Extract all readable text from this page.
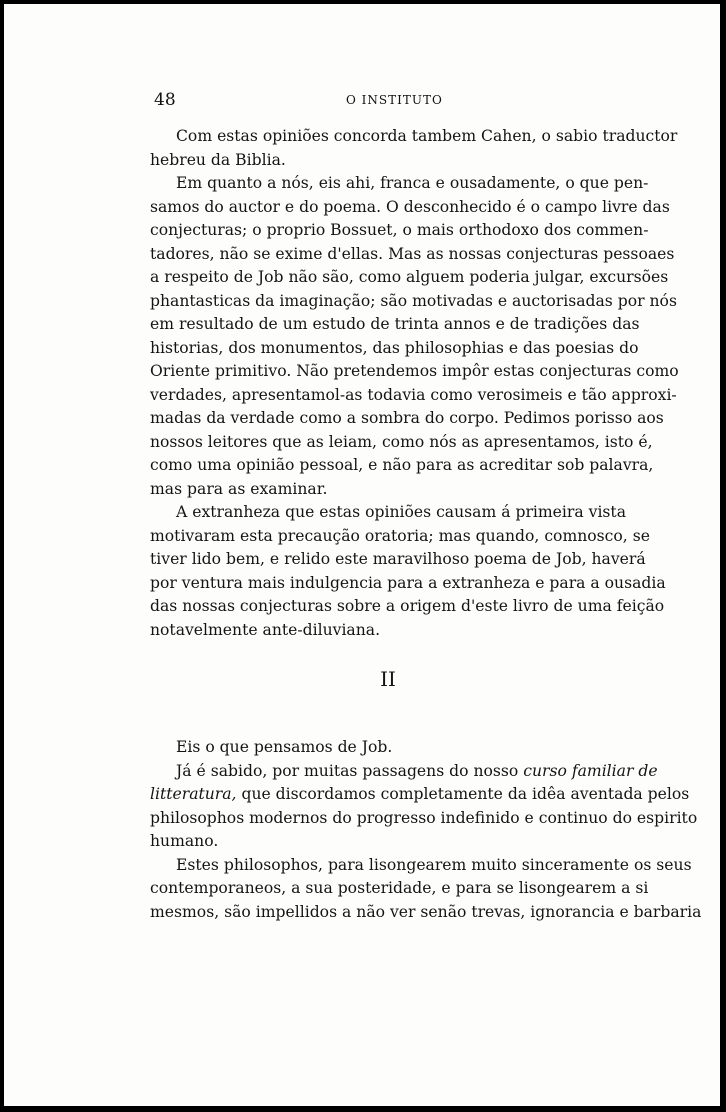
48	O INSTITUTO
Com estas opiniões concorda tambem Cahen, o sabio traductor
hebreu da Biblia.
Em quanto a nós, eis ahi, franca e ousadamente, o que pen-
samos do auctor e do poema. O desconhecido é o campo livre das
conjecturas; o proprio Bossuet, o mais orthodoxo dos commen-
tadores, não se exime d'ellas. Mas as nossas conjecturas pessoaes
a respeito de Job não são, como alguem poderia julgar, excursões
phantasticas da imaginação; são motivadas e auctorisadas por nós
em resultado de um estudo de trinta annos e de tradições das
historias, dos monumentos, das philosophias e das poesias do
Oriente primitivo. Não pretendemos impôr estas conjecturas como
verdades, apresentamol-as todavia como verosimeis e tão approxi-
madas da verdade como a sombra do corpo. Pedimos porisso aos
nossos leitores que as leiam, como nós as apresentamos, isto é,
como uma opinião pessoal, e não para as acreditar sob palavra,
mas para as examinar.
A extranheza que estas opiniões causam á primeira vista
motivaram esta precaução oratoria; mas quando, comnosco, se
tiver lido bem, e relido este maravilhoso poema de Job, haverá
por ventura mais indulgencia para a extranheza e para a ousadia
das nossas conjecturas sobre a origem d'este livro de uma feição
notavelmente ante-diluviana.
II
Eis o que pensamos de Job.
Já é sabido, por muitas passagens do nosso curso familiar de
litteratura, que discordamos completamente da idêa aventada pelos
philosophos modernos do progresso indefinido e continuo do espirito
humano.
Estes philosophos, para lisongearem muito sinceramente os seus
contemporaneos, a sua posteridade, e para se lisongearem a si
mesmos, são impellidos a não ver senão trevas, ignorancia e barbaria
